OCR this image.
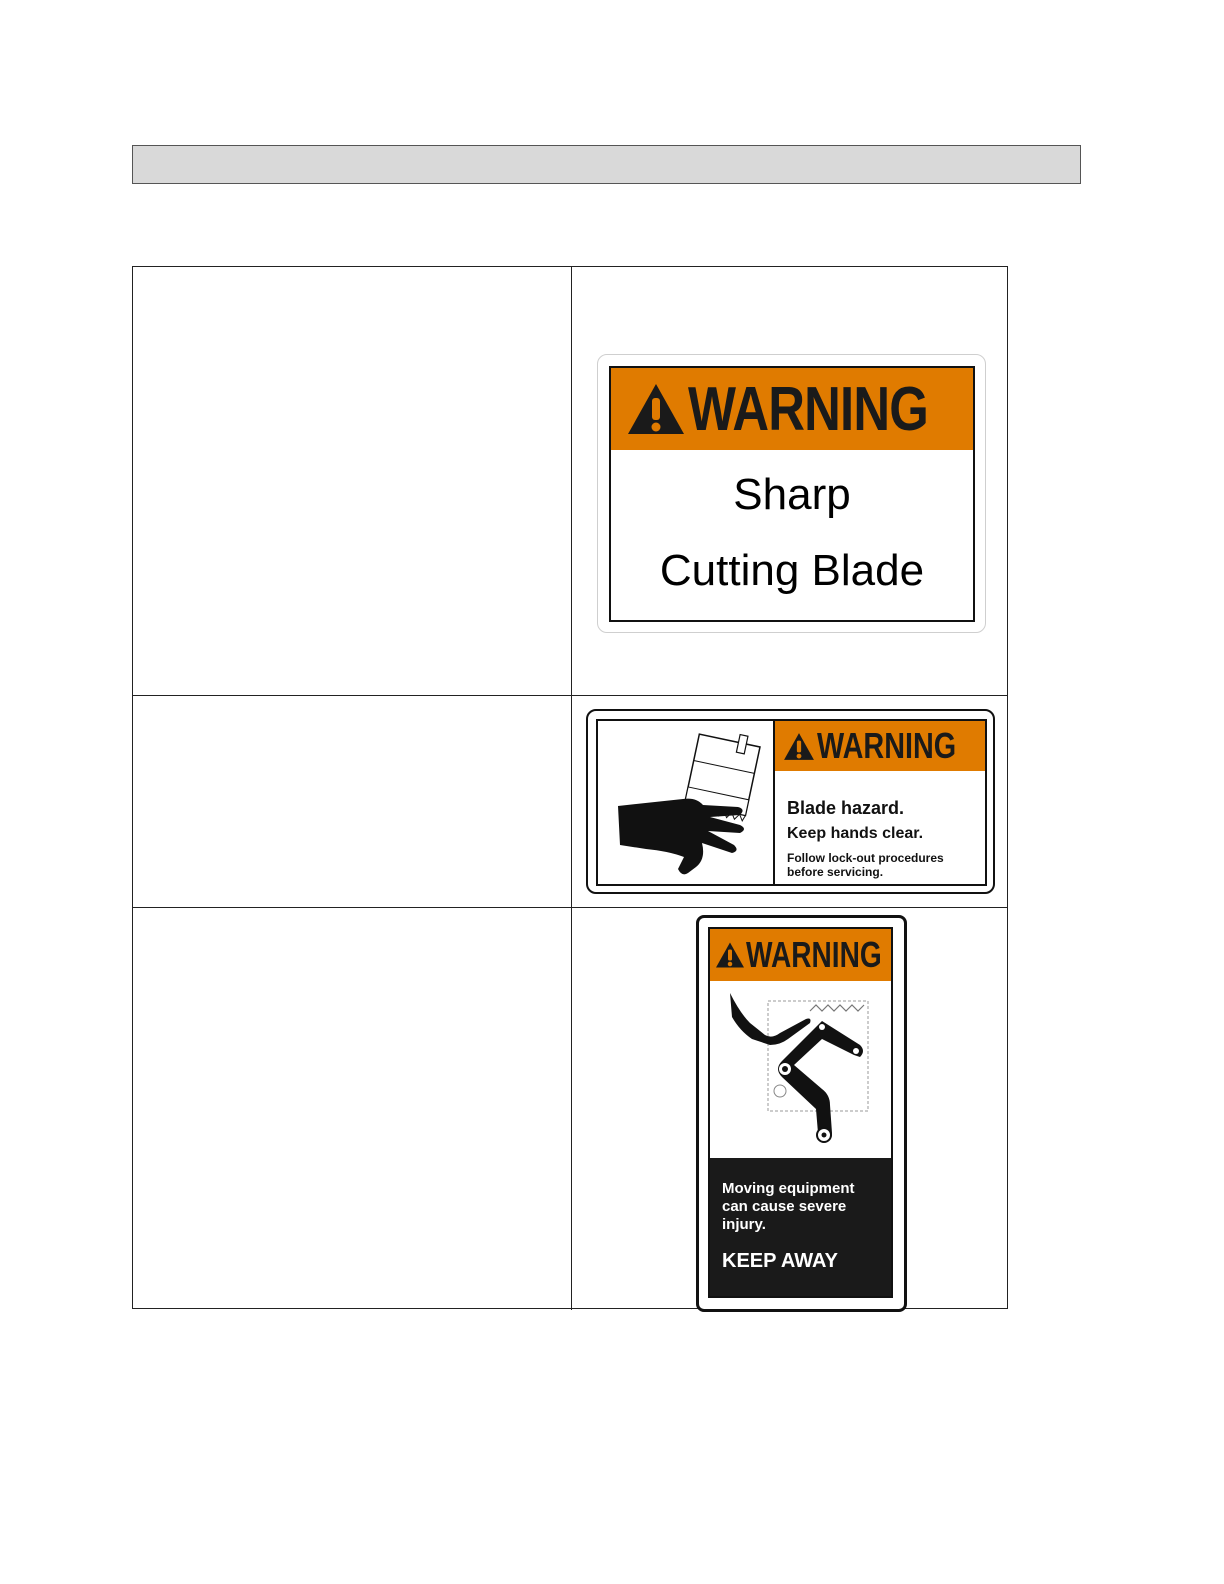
WARNING
Sharp
Cutting Blade
WARNING
Blade hazard.
Keep hands clear.
Follow lock-out procedures
before servicing.
WARNING
Moving equipment
can cause severe
injury.
KEEP AWAY
